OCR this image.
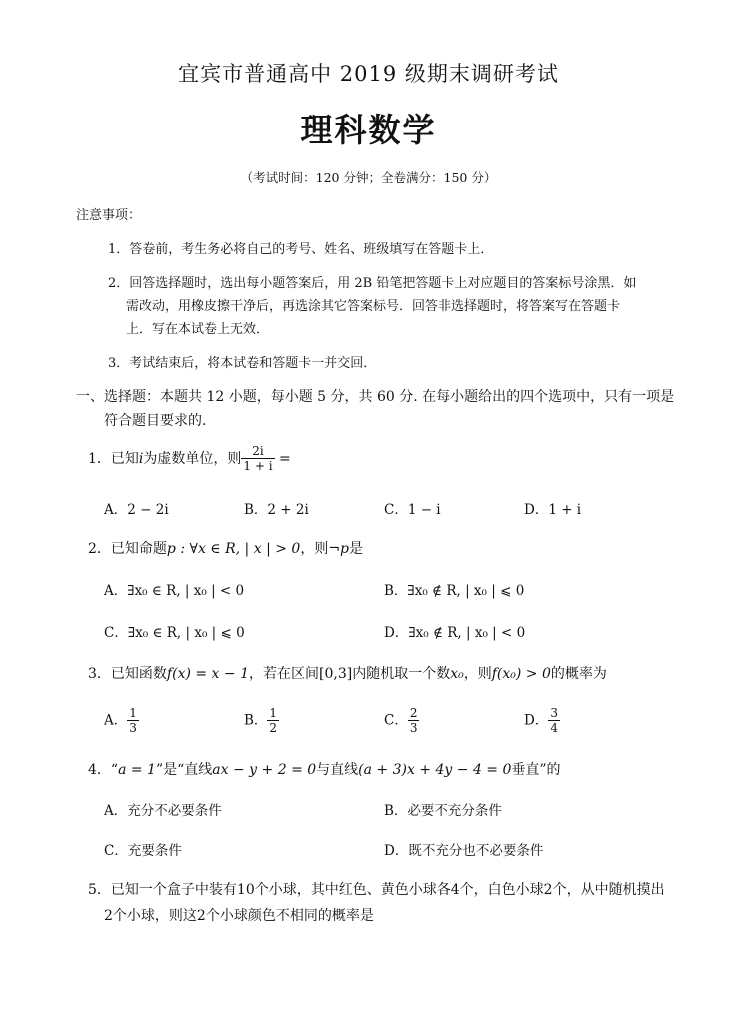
宜宾市普通高中 2019 级期末调研考试
理科数学
（考试时间：120 分钟；全卷满分：150 分）
注意事项：
1．答卷前，考生务必将自己的考号、姓名、班级填写在答题卡上．
2．回答选择题时，选出每小题答案后，用 2B 铅笔把答题卡上对应题目的答案标号涂黑．如
需改动，用橡皮擦干净后，再选涂其它答案标号．回答非选择题时，将答案写在答题卡
上．写在本试卷上无效．
3．考试结束后，将本试卷和答题卡一并交回．
一、选择题：本题共 12 小题，每小题 5 分，共 60 分. 在每小题给出的四个选项中，只有一项是
符合题目要求的.
1．已知i为虚数单位，则 $\frac{2i}{1 + i}$ =
A．2 − 2i	B．2 + 2i	C．1 − i	D．1 + i
2．已知命题p : ∀x ∈ R, | x | > 0，则¬p是
A．∃x₀ ∈ R, | x₀ | < 0	B．∃x₀ ∉ R, | x₀ | ⩽ 0
C．∃x₀ ∈ R, | x₀ | ⩽ 0	D．∃x₀ ∉ R, | x₀ | < 0
3．已知函数f(x) = x − 1，若在区间[0,3]内随机取一个数x₀，则f(x₀) > 0的概率为
A． $\frac{1}{3}$	B． $\frac{1}{2}$	C． $\frac{2}{3}$	D． $\frac{3}{4}$
4．“a = 1”是“直线ax − y + 2 = 0与直线(a + 3)x + 4y − 4 = 0垂直”的
A．充分不必要条件	B．必要不充分条件
C．充要条件	D．既不充分也不必要条件
5．已知一个盒子中装有10个小球，其中红色、黄色小球各4个，白色小球2个，从中随机摸出
2个小球，则这2个小球颜色不相同的概率是
